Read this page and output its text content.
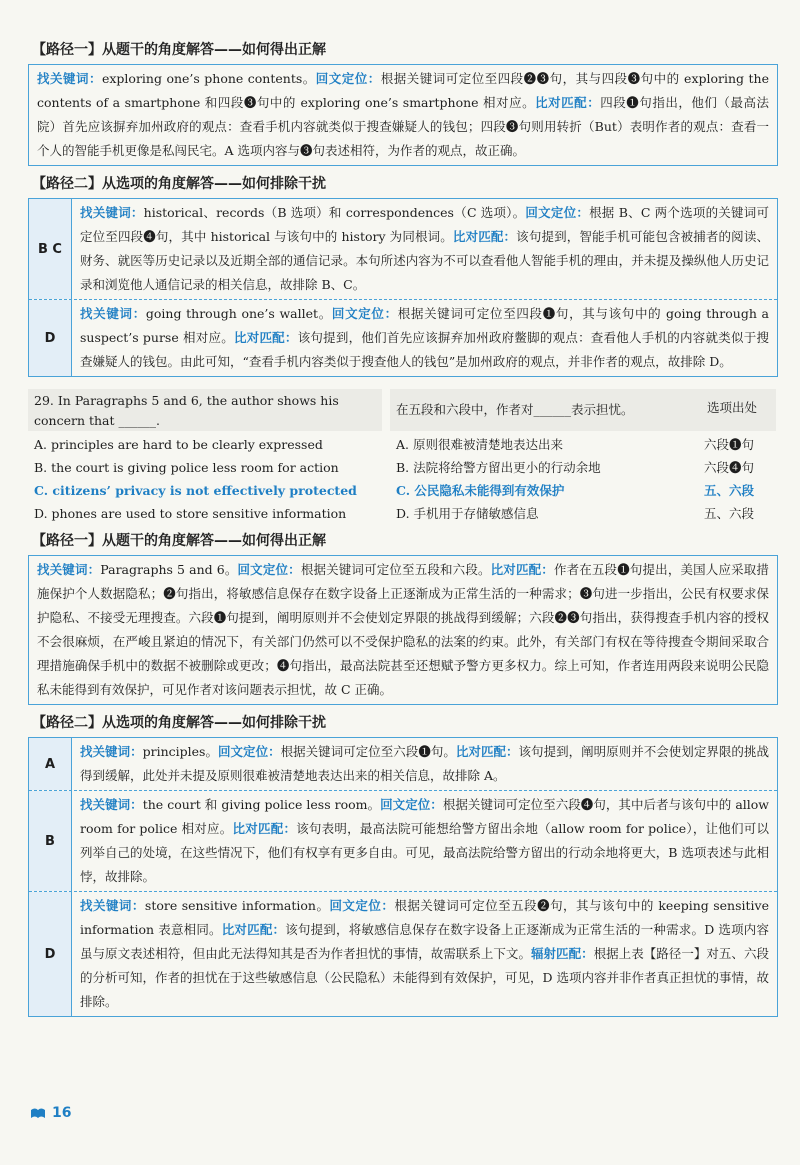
【路径一】从题干的角度解答——如何得出正解
找关键词：exploring one’s phone contents。回文定位：根据关键词可定位至四段❷❸句，其与四段❸句中的 exploring the contents of a smartphone 和四段❸句中的 exploring one’s smartphone 相对应。比对匹配：四段❶句指出，他们（最高法院）首先应该摒弃加州政府的观点：查看手机内容就类似于搜查嫌疑人的钱包；四段❸句则用转折（But）表明作者的观点：查看一个人的智能手机更像是私闯民宅。A 选项内容与❸句表述相符，为作者的观点，故正确。
【路径二】从选项的角度解答——如何排除干扰
B C
找关键词：historical、records（B 选项）和 correspondences（C 选项）。回文定位：根据 B、C 两个选项的关键词可定位至四段❹句，其中 historical 与该句中的 history 为同根词。比对匹配：该句提到，智能手机可能包含被捕者的阅读、财务、就医等历史记录以及近期全部的通信记录。本句所述内容为不可以查看他人智能手机的理由，并未提及操纵他人历史记录和浏览他人通信记录的相关信息，故排除 B、C。
D
找关键词：going through one’s wallet。回文定位：根据关键词可定位至四段❶句，其与该句中的 going through a suspect’s purse 相对应。比对匹配：该句提到，他们首先应该摒弃加州政府鳖脚的观点：查看他人手机的内容就类似于搜查嫌疑人的钱包。由此可知，“查看手机内容类似于搜查他人的钱包”是加州政府的观点，并非作者的观点，故排除 D。
29. In Paragraphs 5 and 6, the author shows his concern that ______.
在五段和六段中，作者对______表示担忧。	选项出处
A. principles are hard to be clearly expressed	A. 原则很难被清楚地表达出来	六段❶句
B. the court is giving police less room for action	B. 法院将给警方留出更小的行动余地	六段❹句
C. citizens’ privacy is not effectively protected	C. 公民隐私未能得到有效保护	五、六段
D. phones are used to store sensitive information	D. 手机用于存储敏感信息	五、六段
【路径一】从题干的角度解答——如何得出正解
找关键词：Paragraphs 5 and 6。回文定位：根据关键词可定位至五段和六段。比对匹配：作者在五段❶句提出，美国人应采取措施保护个人数据隐私；❷句指出，将敏感信息保存在数字设备上正逐渐成为正常生活的一种需求；❸句进一步指出，公民有权要求保护隐私、不接受无理搜查。六段❶句提到，阐明原则并不会使划定界限的挑战得到缓解；六段❷❸句指出，获得搜查手机内容的授权不会很麻烦，在严峻且紧迫的情况下，有关部门仍然可以不受保护隐私的法案的约束。此外，有关部门有权在等待搜查令期间采取合理措施确保手机中的数据不被删除或更改；❹句指出，最高法院甚至还想赋予警方更多权力。综上可知，作者连用两段来说明公民隐私未能得到有效保护，可见作者对该问题表示担忧，故 C 正确。
【路径二】从选项的角度解答——如何排除干扰
A
找关键词：principles。回文定位：根据关键词可定位至六段❶句。比对匹配：该句提到，阐明原则并不会使划定界限的挑战得到缓解，此处并未提及原则很难被清楚地表达出来的相关信息，故排除 A。
B
找关键词：the court 和 giving police less room。回文定位：根据关键词可定位至六段❹句，其中后者与该句中的 allow room for police 相对应。比对匹配：该句表明，最高法院可能想给警方留出余地（allow room for police），让他们可以列举自己的处境，在这些情况下，他们有权享有更多自由。可见，最高法院给警方留出的行动余地将更大，B 选项表述与此相悖，故排除。
D
找关键词：store sensitive information。回文定位：根据关键词可定位至五段❷句，其与该句中的 keeping sensitive information 表意相同。比对匹配：该句提到，将敏感信息保存在数字设备上正逐渐成为正常生活的一种需求。D 选项内容虽与原文表述相符，但由此无法得知其是否为作者担忧的事情，故需联系上下文。辐射匹配：根据上表【路径一】对五、六段的分析可知，作者的担忧在于这些敏感信息（公民隐私）未能得到有效保护，可见，D 选项内容并非作者真正担忧的事情，故排除。
16
